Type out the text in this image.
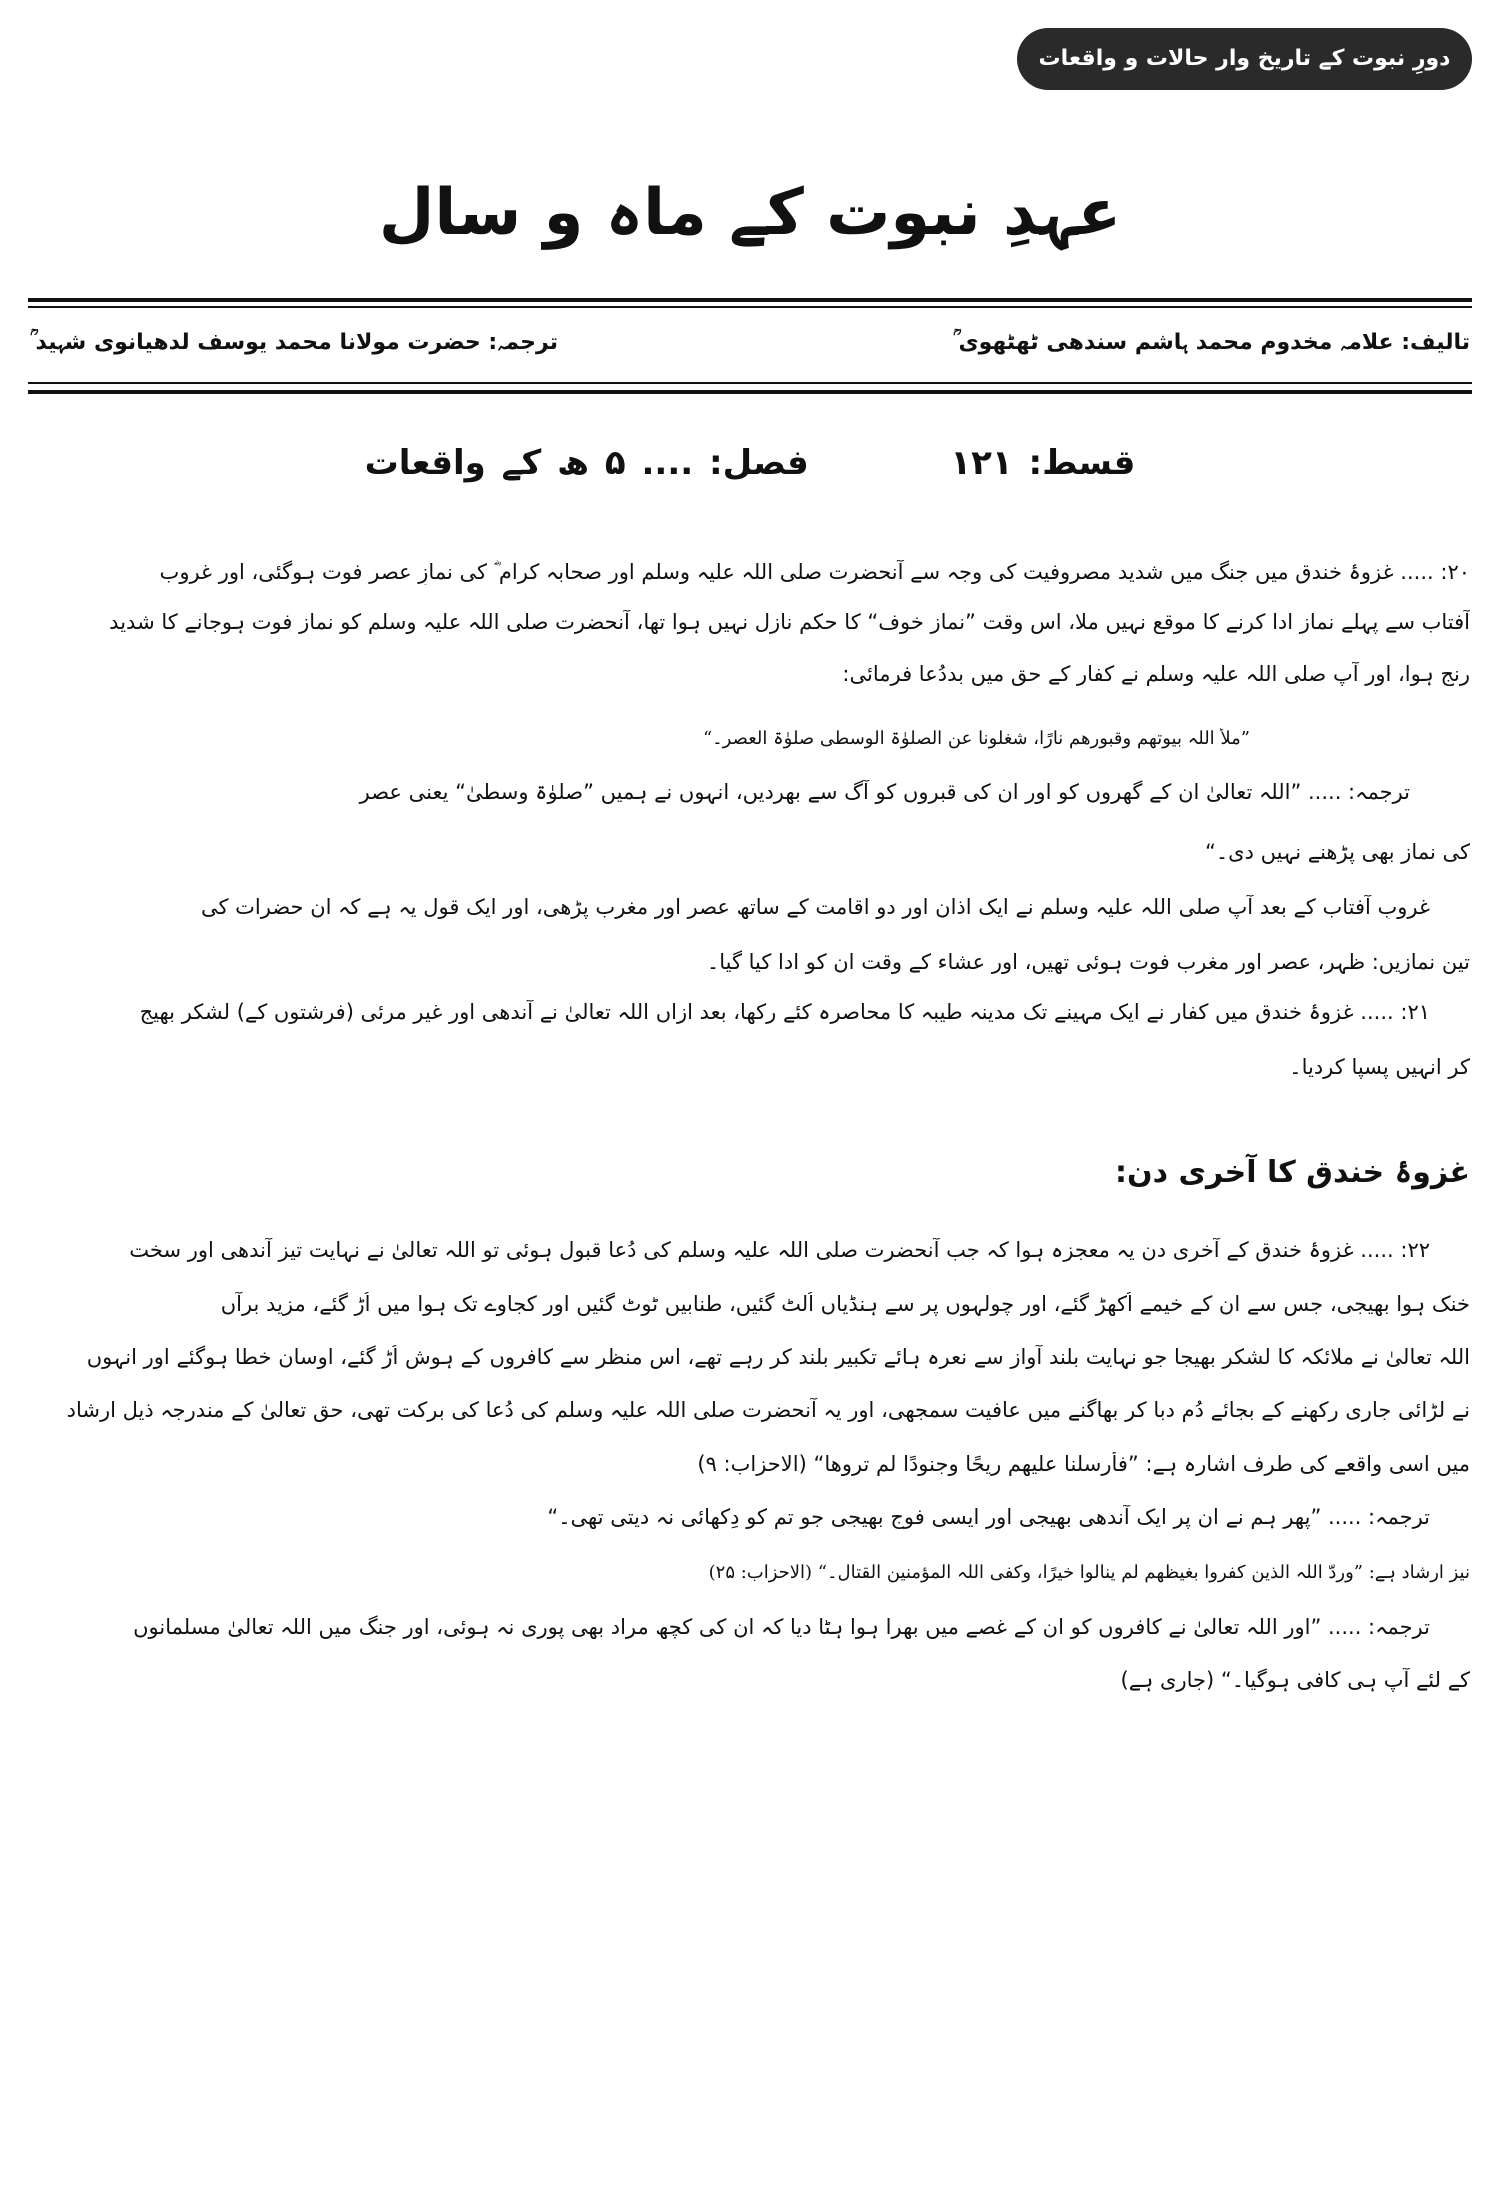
دورِ نبوت کے تاریخ وار حالات و واقعات
عہدِ نبوت کے ماہ و سال
تالیف: علامہ مخدوم محمد ہاشم سندھی ٹھٹھوی ؒ
ترجمہ: حضرت مولانا محمد یوسف لدھیانوی شہید ؒ
قسط: ۱۲۱  فصل: .... ۵ ھ کے واقعات
۲۰: ..... غزوۂ خندق میں جنگ میں شدید مصروفیت کی وجہ سے آنحضرت صلی اللہ علیہ وسلم اور صحابہ کرام ؓ کی نمازِ عصر فوت ہوگئی، اور غروب
آفتاب سے پہلے نماز ادا کرنے کا موقع نہیں ملا، اس وقت ”نمازِ خوف“ کا حکم نازل نہیں ہوا تھا، آنحضرت صلی اللہ علیہ وسلم کو نماز فوت ہوجانے کا شدید
رنج ہوا، اور آپ صلی اللہ علیہ وسلم نے کفار کے حق میں بددُعا فرمائی:
”ملأ اللہ بیوتھم وقبورھم نارًا، شغلونا عن الصلوٰۃ الوسطی صلوٰۃ العصر۔“
ترجمہ: ..... ”اللہ تعالیٰ ان کے گھروں کو اور ان کی قبروں کو آگ سے بھردیں، انہوں نے ہمیں ”صلوٰۃ وسطیٰ“ یعنی عصر
کی نماز بھی پڑھنے نہیں دی۔“
غروبِ آفتاب کے بعد آپ صلی اللہ علیہ وسلم نے ایک اذان اور دو اقامت کے ساتھ عصر اور مغرب پڑھی، اور ایک قول یہ ہے کہ ان حضرات کی
تین نمازیں: ظہر، عصر اور مغرب فوت ہوئی تھیں، اور عشاء کے وقت ان کو ادا کیا گیا۔
۲۱: ..... غزوۂ خندق میں کفار نے ایک مہینے تک مدینہ طیبہ کا محاصرہ کئے رکھا، بعد ازاں اللہ تعالیٰ نے آندھی اور غیر مرئی (فرشتوں کے) لشکر بھیج
کر انہیں پسپا کردیا۔
غزوۂ خندق کا آخری دن:
۲۲: ..... غزوۂ خندق کے آخری دن یہ معجزہ ہوا کہ جب آنحضرت صلی اللہ علیہ وسلم کی دُعا قبول ہوئی تو اللہ تعالیٰ نے نہایت تیز آندھی اور سخت
خنک ہوا بھیجی، جس سے ان کے خیمے اُکھڑ گئے، اور چولہوں پر سے ہنڈیاں اُلٹ گئیں، طنابیں ٹوٹ گئیں اور کجاوے تک ہوا میں اُڑ گئے، مزید برآں
اللہ تعالیٰ نے ملائکہ کا لشکر بھیجا جو نہایت بلند آواز سے نعرہ ہائے تکبیر بلند کر رہے تھے، اس منظر سے کافروں کے ہوش اُڑ گئے، اوسان خطا ہوگئے اور انہوں
نے لڑائی جاری رکھنے کے بجائے دُم دبا کر بھاگنے میں عافیت سمجھی، اور یہ آنحضرت صلی اللہ علیہ وسلم کی دُعا کی برکت تھی، حق تعالیٰ کے مندرجہ ذیل ارشاد
میں اسی واقعے کی طرف اشارہ ہے: ”فأرسلنا علیھم ریحًا وجنودًا لم تروھا“ (الاحزاب: ۹)
ترجمہ: ..... ”پھر ہم نے ان پر ایک آندھی بھیجی اور ایسی فوج بھیجی جو تم کو دِکھائی نہ دیتی تھی۔“
نیز ارشاد ہے: ”وردّ اللہ الذین کفروا بغیظھم لم ینالوا خیرًا، وکفی اللہ المؤمنین القتال۔“ (الاحزاب: ۲۵)
ترجمہ: ..... ”اور اللہ تعالیٰ نے کافروں کو ان کے غصے میں بھرا ہوا ہٹا دیا کہ ان کی کچھ مراد بھی پوری نہ ہوئی، اور جنگ میں اللہ تعالیٰ مسلمانوں
کے لئے آپ ہی کافی ہوگیا۔“ (جاری ہے)
